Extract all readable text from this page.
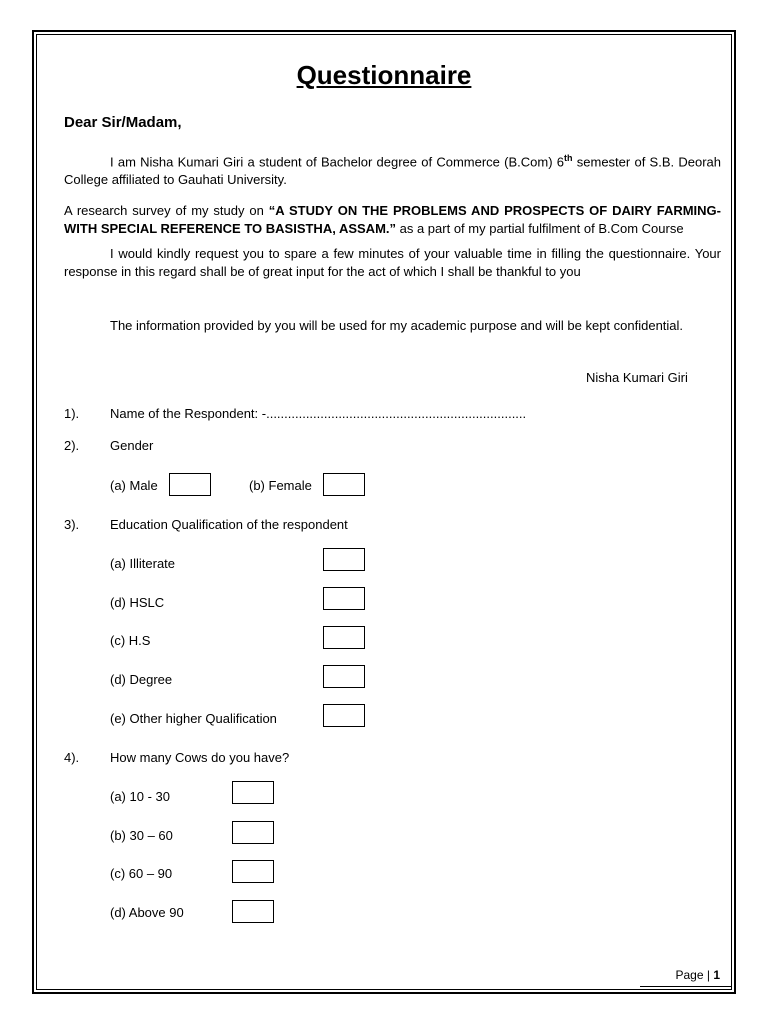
Questionnaire
Dear Sir/Madam,
I am Nisha Kumari Giri a student of Bachelor degree of Commerce (B.Com) 6th semester of S.B. Deorah College affiliated to Gauhati University.
A research survey of my study on “A STUDY ON THE PROBLEMS AND PROSPECTS OF DAIRY FARMING-WITH SPECIAL REFERENCE TO BASISTHA, ASSAM.” as a part of my partial fulfilment of B.Com Course
I would kindly request you to spare a few minutes of your valuable time in filling the questionnaire. Your response in this regard shall be of great input for the act of which I shall be thankful to you
The information provided by you will be used for my academic purpose and will be kept confidential.
Nisha Kumari Giri
1). Name of the Respondent: -........................................................................
2). Gender
(a) Male	(b) Female
3). Education Qualification of the respondent
(a) Illiterate
(d) HSLC
(c) H.S
(d) Degree
(e) Other higher Qualification
4). How many Cows do you have?
(a) 10 - 30
(b) 30 – 60
(c) 60 – 90
(d) Above 90
Page | 1
